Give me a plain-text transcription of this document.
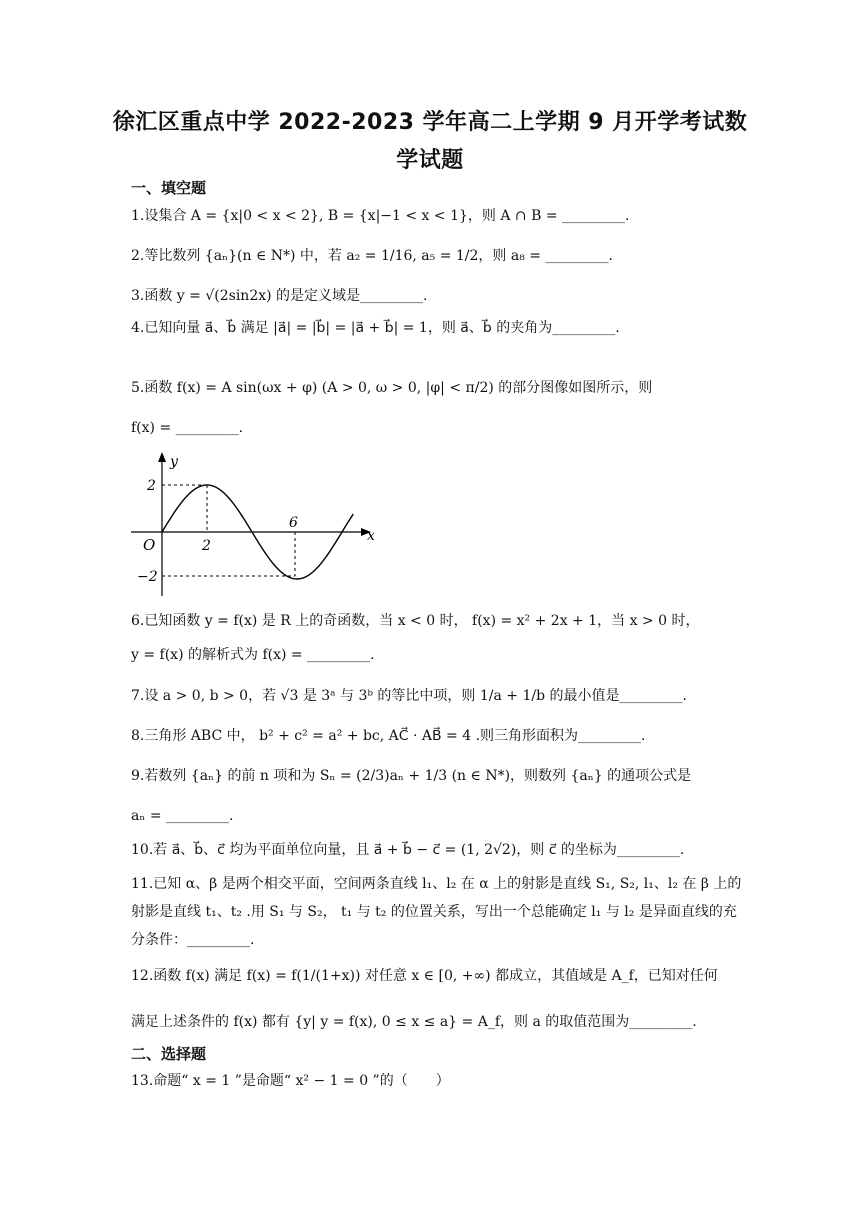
徐汇区重点中学 2022-2023 学年高二上学期 9 月开学考试数
学试题
一、填空题
1.设集合 A = {x|0 < x < 2}, B = {x|−1 < x < 1}，则 A ∩ B = _________.
2.等比数列 {aₙ}(n ∈ N*) 中，若 a₂ = 1/16, a₅ = 1/2，则 a₈ = _________.
3.函数 y = √(2sin2x) 的是定义域是_________.
4.已知向量 a⃗、b⃗ 满足 |a⃗| = |b⃗| = |a⃗ + b⃗| = 1，则 a⃗、b⃗ 的夹角为_________.
5.函数 f(x) = A sin(ωx + φ) (A > 0, ω > 0, |φ| < π/2) 的部分图像如图所示，则
f(x) = _________.
y
x
O	2
6
2
−2
6.已知函数 y = f(x) 是 R 上的奇函数，当 x < 0 时， f(x) = x² + 2x + 1，当 x > 0 时，
y = f(x) 的解析式为 f(x) = _________.
7.设 a > 0, b > 0，若 √3 是 3ᵃ 与 3ᵇ 的等比中项，则 1/a + 1/b 的最小值是_________.
8.三角形 ABC 中， b² + c² = a² + bc, AC⃗ · AB⃗ = 4 .则三角形面积为_________.
9.若数列 {aₙ} 的前 n 项和为 Sₙ = (2/3)aₙ + 1/3 (n ∈ N*)，则数列 {aₙ} 的通项公式是
aₙ = _________.
10.若 a⃗、b⃗、c⃗ 均为平面单位向量，且 a⃗ + b⃗ − c⃗ = (1, 2√2)，则 c⃗ 的坐标为_________.
11.已知 α、β 是两个相交平面，空间两条直线 l₁、l₂ 在 α 上的射影是直线 S₁, S₂, l₁、l₂ 在 β 上的
射影是直线 t₁、t₂ .用 S₁ 与 S₂， t₁ 与 t₂ 的位置关系，写出一个总能确定 l₁ 与 l₂ 是异面直线的充
分条件：_________.
12.函数 f(x) 满足 f(x) = f(1/(1+x)) 对任意 x ∈ [0, +∞) 都成立，其值域是 A_f，已知对任何
满足上述条件的 f(x) 都有 {y| y = f(x), 0 ≤ x ≤ a} = A_f，则 a 的取值范围为_________.
二、选择题
13.命题“ x = 1 ”是命题“ x² − 1 = 0 ”的（　　）
